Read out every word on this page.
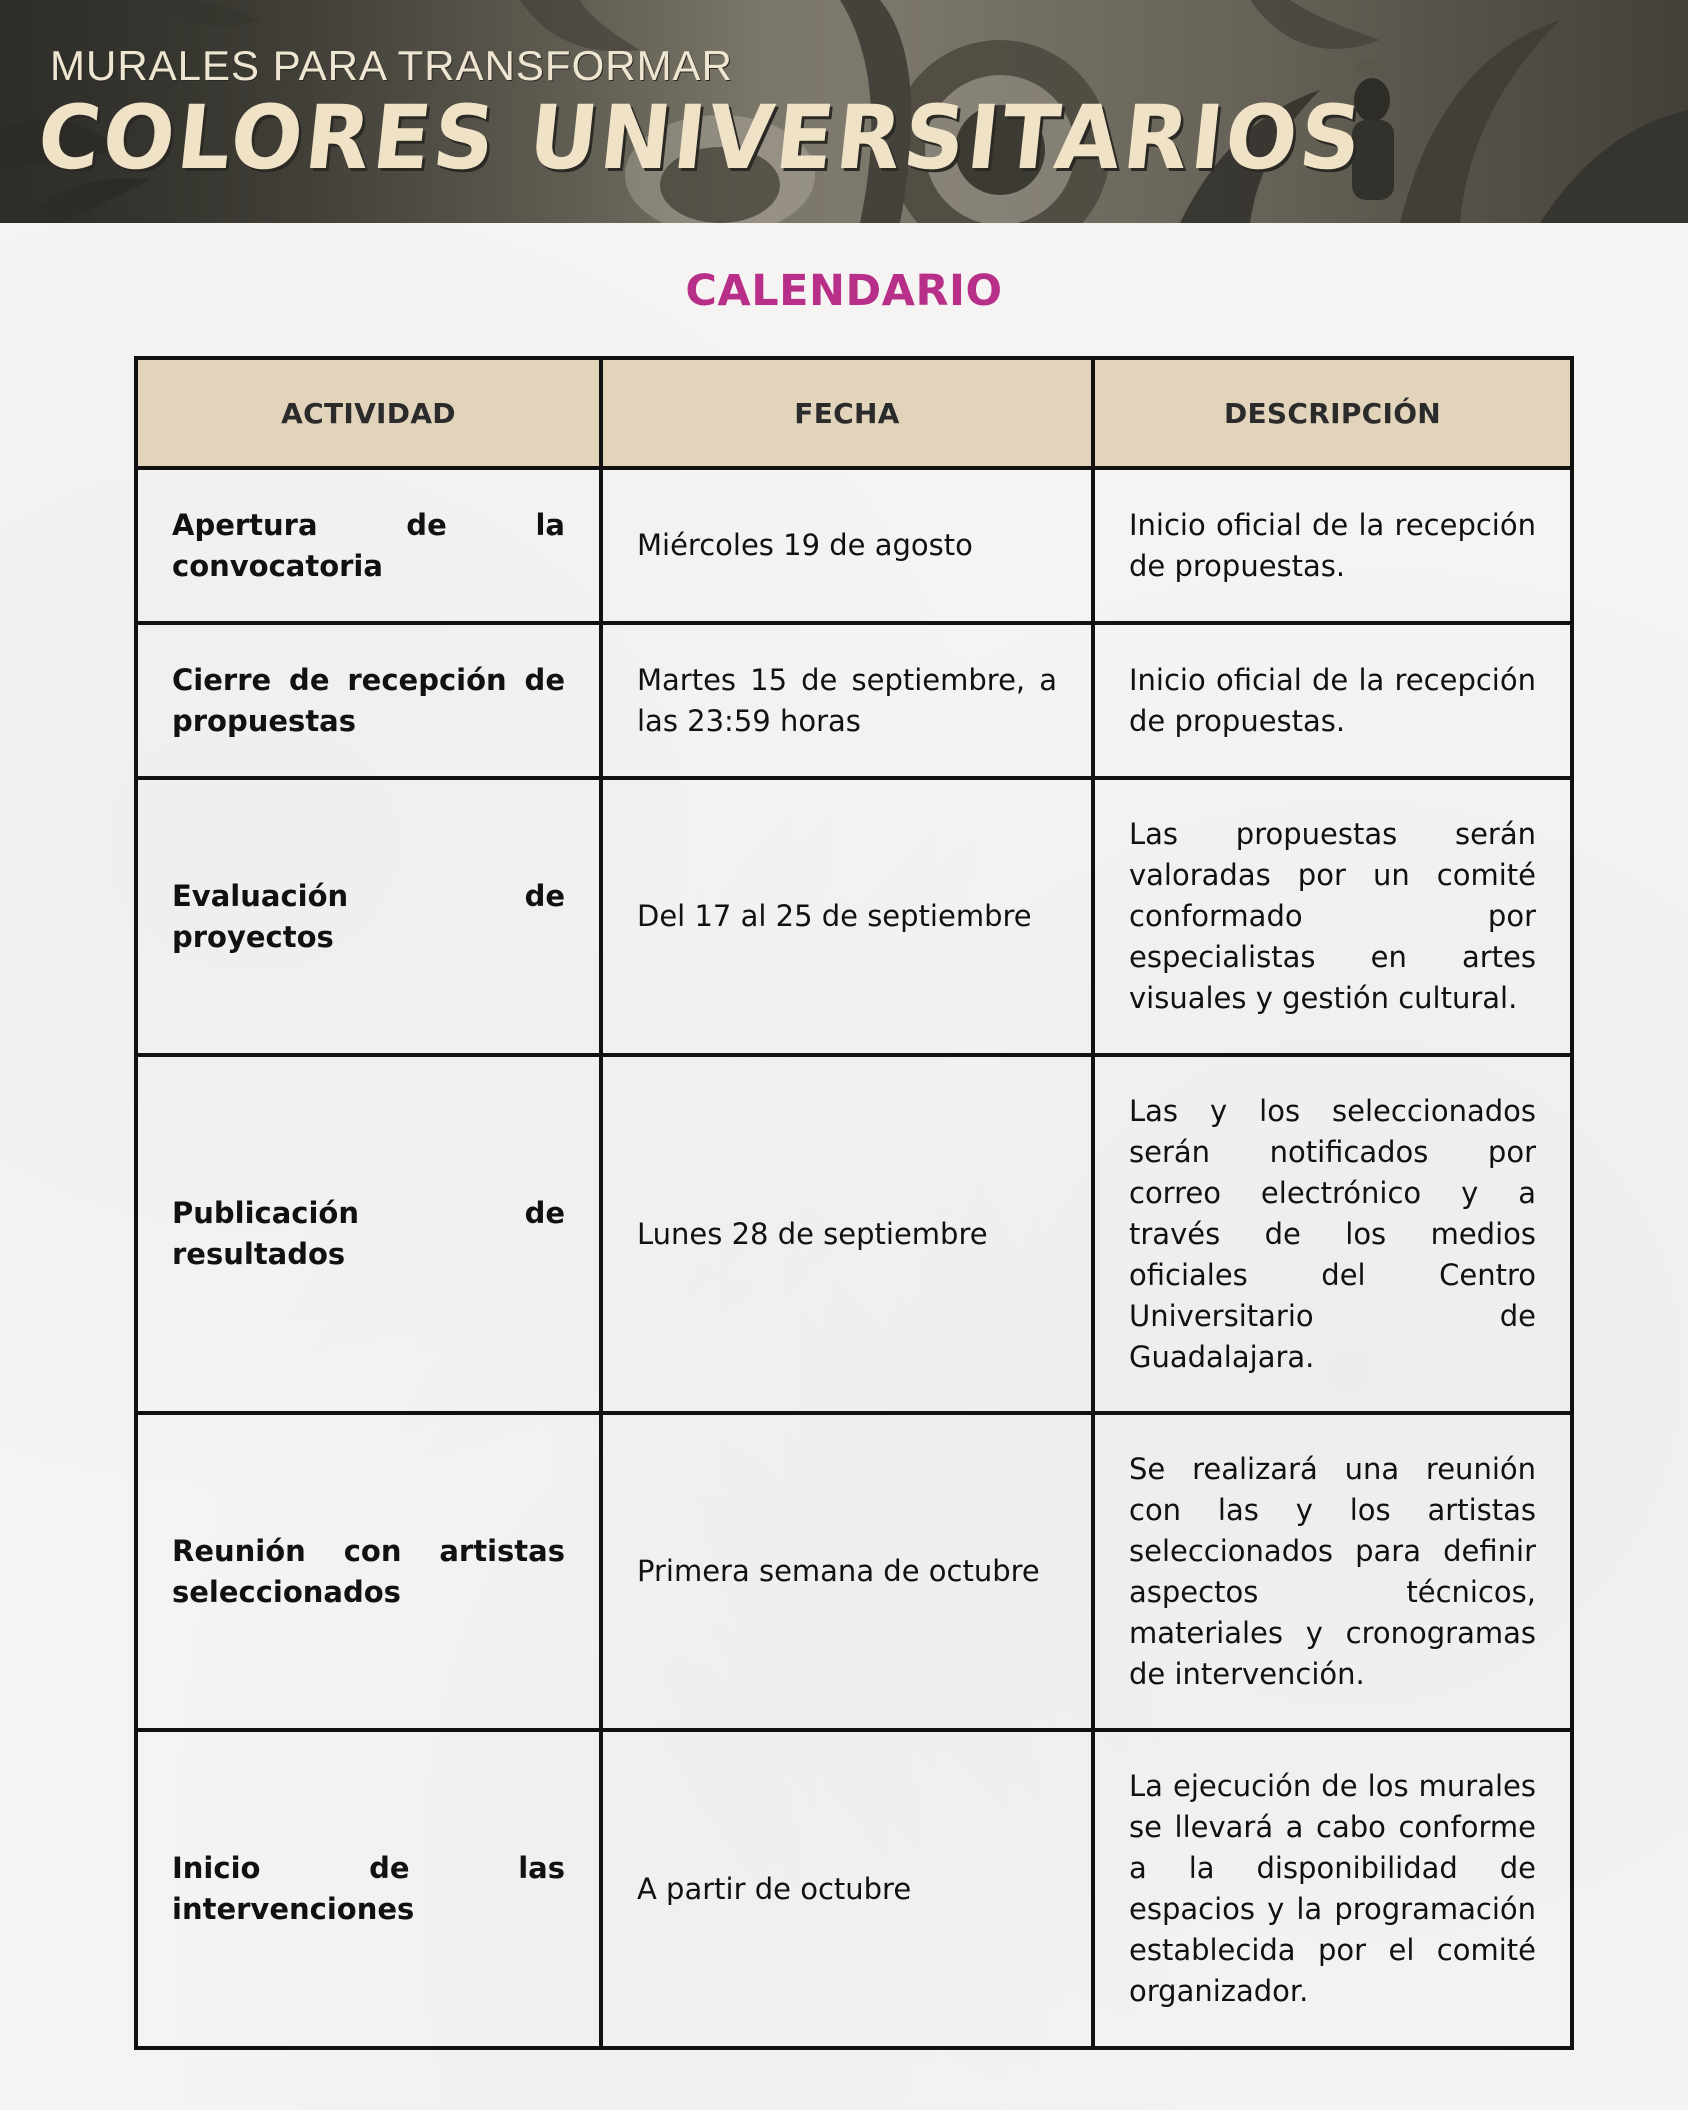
MURALES PARA TRANSFORMAR
COLORES UNIVERSITARIOS
CALENDARIO
ACTIVIDAD	FECHA	DESCRIPCIÓN
Apertura de la convocatoria	Miércoles 19 de agosto	Inicio oficial de la recepción de propuestas.
Cierre de recepción de propuestas	Martes 15 de septiembre, a las 23:59 horas	Inicio oficial de la recepción de propuestas.
Evaluación de proyectos	Del 17 al 25 de septiembre	Las propuestas serán valoradas por un comité conformado por especialistas en artes visuales y gestión cultural.
Publicación de resultados	Lunes 28 de septiembre	Las y los seleccionados serán notificados por correo electrónico y a través de los medios oficiales del Centro Universitario de Guadalajara.
Reunión con artistas seleccionados	Primera semana de octubre	Se realizará una reunión con las y los artistas seleccionados para definir aspectos técnicos, materiales y cronogramas de intervención.
Inicio de las intervenciones	A partir de octubre	La ejecución de los murales se llevará a cabo conforme a la disponibilidad de espacios y la programación establecida por el comité organizador.
